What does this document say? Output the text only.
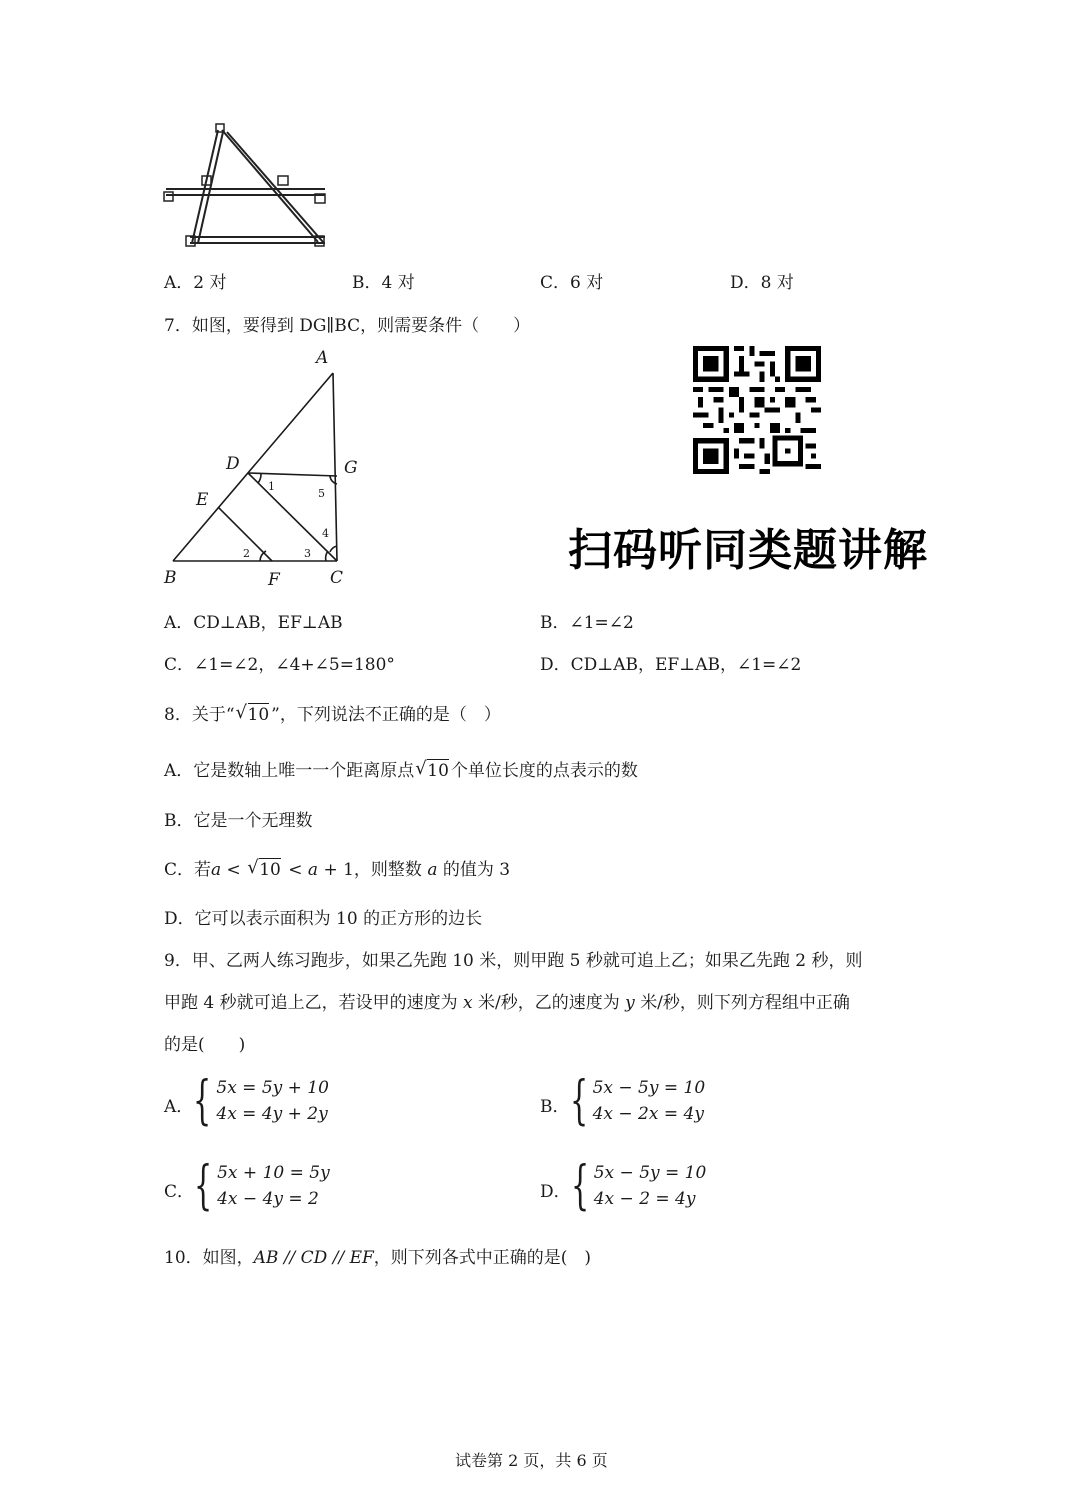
A．2 对	B．4 对	C．6 对	D．8 对
7．如图，要得到 DG∥BC，则需要条件（　　）
A
B	C
D
E
F
G
1
2	3
4
5
扫码听同类题讲解
A．CD⊥AB，EF⊥AB	B．∠1=∠2
C．∠1=∠2，∠4+∠5=180°	D．CD⊥AB，EF⊥AB，∠1=∠2
8．关于“ √ 10 ”，下列说法不正确的是（　）
A．它是数轴上唯一一个距离原点 √ 10 个单位长度的点表示的数
B．它是一个无理数
C．若a < √ 10 < a + 1，则整数 a 的值为 3
D．它可以表示面积为 10 的正方形的边长
9．甲、乙两人练习跑步，如果乙先跑 10 米，则甲跑 5 秒就可追上乙；如果乙先跑 2 秒，则
甲跑 4 秒就可追上乙，若设甲的速度为 x 米/秒，乙的速度为 y 米/秒，则下列方程组中正确
的是(　　)
A． { 5x = 5y + 10
4x = 4y + 2y	B． { 5x − 5y = 10
4x − 2x = 4y
C． { 5x + 10 = 5y
4x − 4y = 2	D． { 5x − 5y = 10
4x − 2 = 4y
10．如图，AB // CD // EF，则下列各式中正确的是(　)
试卷第 2 页，共 6 页
